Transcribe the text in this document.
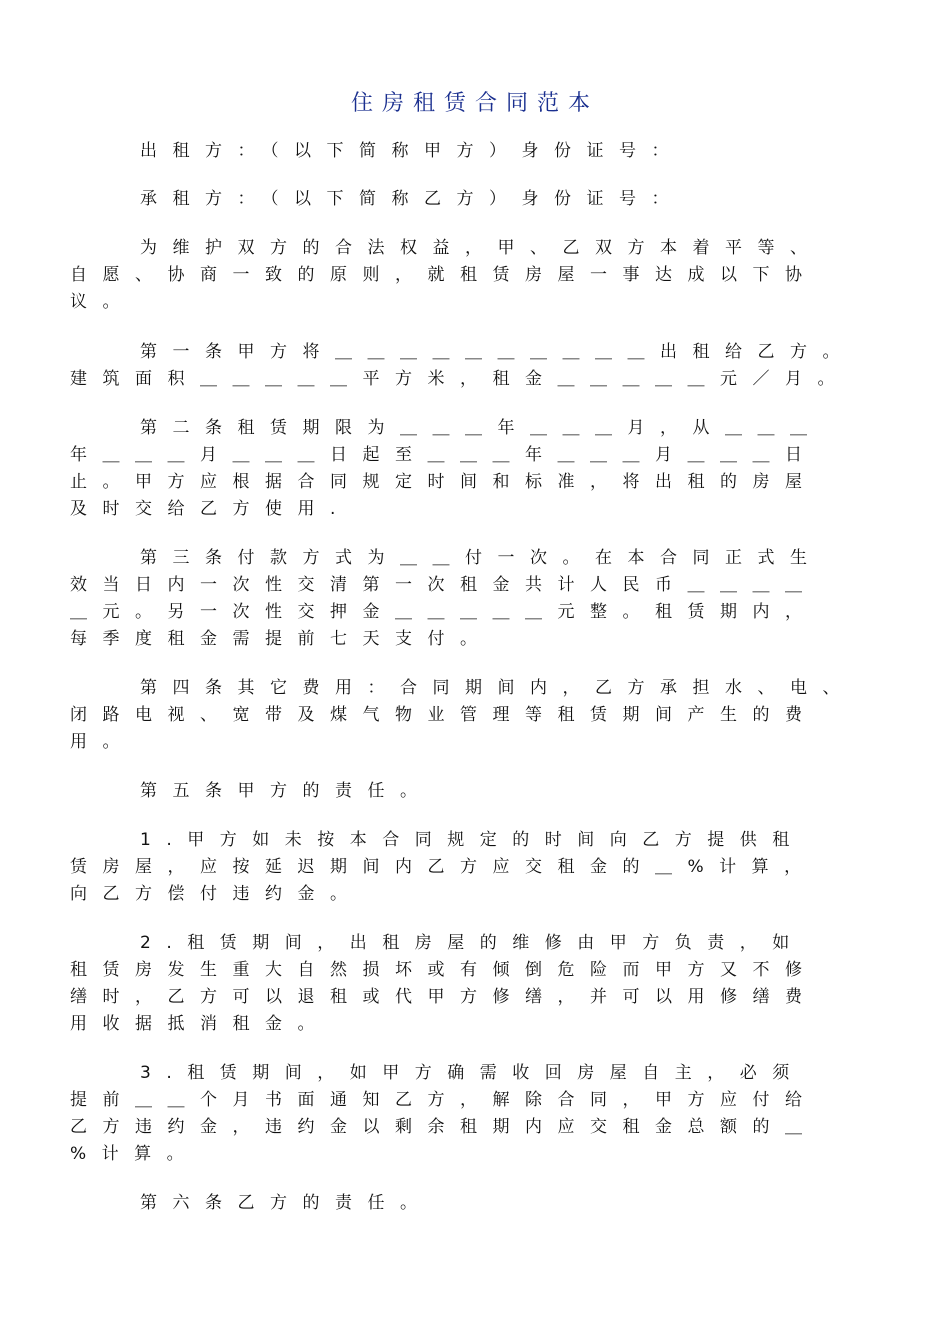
住房租赁合同范本
出租方：（以下简称甲方）身份证号：
承租方：（以下简称乙方）身份证号：
为维护双方的合法权益，甲、乙双方本着平等、
自愿、协商一致的原则，就租赁房屋一事达成以下协
议。
第一条甲方将＿＿＿＿＿＿＿＿＿＿出租给乙方。
建筑面积＿＿＿＿＿平方米，租金＿＿＿＿＿元／月。
第二条租赁期限为＿＿＿年＿＿＿月，从＿＿＿
年＿＿＿月＿＿＿日起至＿＿＿年＿＿＿月＿＿＿日
止。甲方应根据合同规定时间和标准，将出租的房屋
及时交给乙方使用.
第三条付款方式为＿＿付一次。在本合同正式生
效当日内一次性交清第一次租金共计人民币＿＿＿＿
＿元。另一次性交押金＿＿＿＿＿元整。租赁期内，
每季度租金需提前七天支付。
第四条其它费用：合同期间内，乙方承担水、电、
闭路电视、宽带及煤气物业管理等租赁期间产生的费
用。
第五条甲方的责任。
1.甲方如未按本合同规定的时间向乙方提供租
赁房屋，应按延迟期间内乙方应交租金的＿%计算，
向乙方偿付违约金。
2.租赁期间，出租房屋的维修由甲方负责，如
租赁房发生重大自然损坏或有倾倒危险而甲方又不修
缮时，乙方可以退租或代甲方修缮，并可以用修缮费
用收据抵消租金。
3.租赁期间，如甲方确需收回房屋自主，必须
提前＿＿个月书面通知乙方，解除合同，甲方应付给
乙方违约金，违约金以剩余租期内应交租金总额的＿
%计算。
第六条乙方的责任。
